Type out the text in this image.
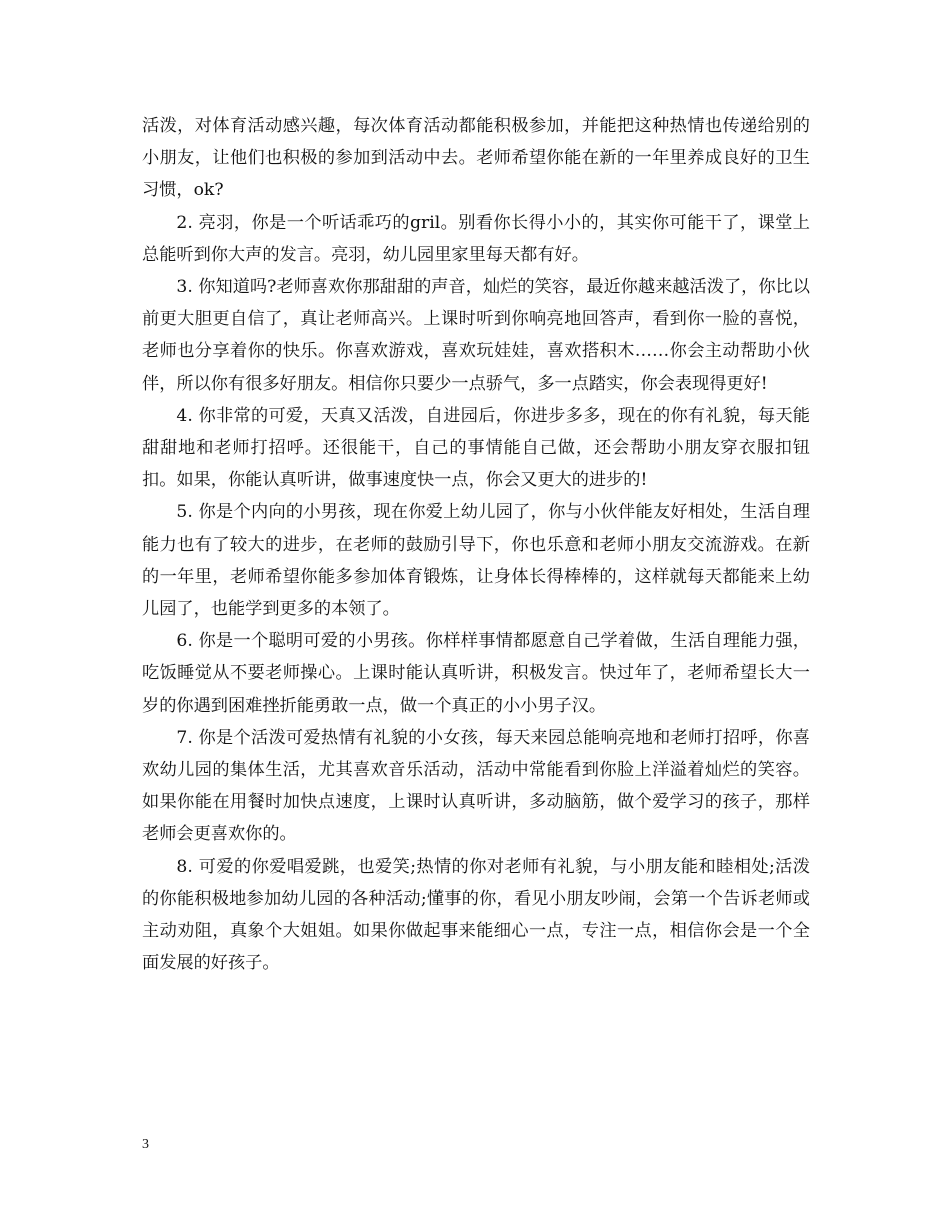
活泼，对体育活动感兴趣，每次体育活动都能积极参加，并能把这种热情也传递给别的小朋友，让他们也积极的参加到活动中去。老师希望你能在新的一年里养成良好的卫生习惯，ok?

2. 亮羽，你是一个听话乖巧的gril。别看你长得小小的，其实你可能干了，课堂上总能听到你大声的发言。亮羽，幼儿园里家里每天都有好。

3. 你知道吗?老师喜欢你那甜甜的声音，灿烂的笑容，最近你越来越活泼了，你比以前更大胆更自信了，真让老师高兴。上课时听到你响亮地回答声，看到你一脸的喜悦，老师也分享着你的快乐。你喜欢游戏，喜欢玩娃娃，喜欢搭积木……你会主动帮助小伙伴，所以你有很多好朋友。相信你只要少一点骄气，多一点踏实，你会表现得更好!

4. 你非常的可爱，天真又活泼，自进园后，你进步多多，现在的你有礼貌，每天能甜甜地和老师打招呼。还很能干，自己的事情能自己做，还会帮助小朋友穿衣服扣钮扣。如果，你能认真听讲，做事速度快一点，你会又更大的进步的!

5. 你是个内向的小男孩，现在你爱上幼儿园了，你与小伙伴能友好相处，生活自理能力也有了较大的进步，在老师的鼓励引导下，你也乐意和老师小朋友交流游戏。在新的一年里，老师希望你能多参加体育锻炼，让身体长得棒棒的，这样就每天都能来上幼儿园了，也能学到更多的本领了。

6. 你是一个聪明可爱的小男孩。你样样事情都愿意自己学着做，生活自理能力强，吃饭睡觉从不要老师操心。上课时能认真听讲，积极发言。快过年了，老师希望长大一岁的你遇到困难挫折能勇敢一点，做一个真正的小小男子汉。

7. 你是个活泼可爱热情有礼貌的小女孩，每天来园总能响亮地和老师打招呼，你喜欢幼儿园的集体生活，尤其喜欢音乐活动，活动中常能看到你脸上洋溢着灿烂的笑容。如果你能在用餐时加快点速度，上课时认真听讲，多动脑筋，做个爱学习的孩子，那样老师会更喜欢你的。

8. 可爱的你爱唱爱跳，也爱笑;热情的你对老师有礼貌，与小朋友能和睦相处;活泼的你能积极地参加幼儿园的各种活动;懂事的你，看见小朋友吵闹，会第一个告诉老师或主动劝阻，真象个大姐姐。如果你做起事来能细心一点，专注一点，相信你会是一个全面发展的好孩子。

3
